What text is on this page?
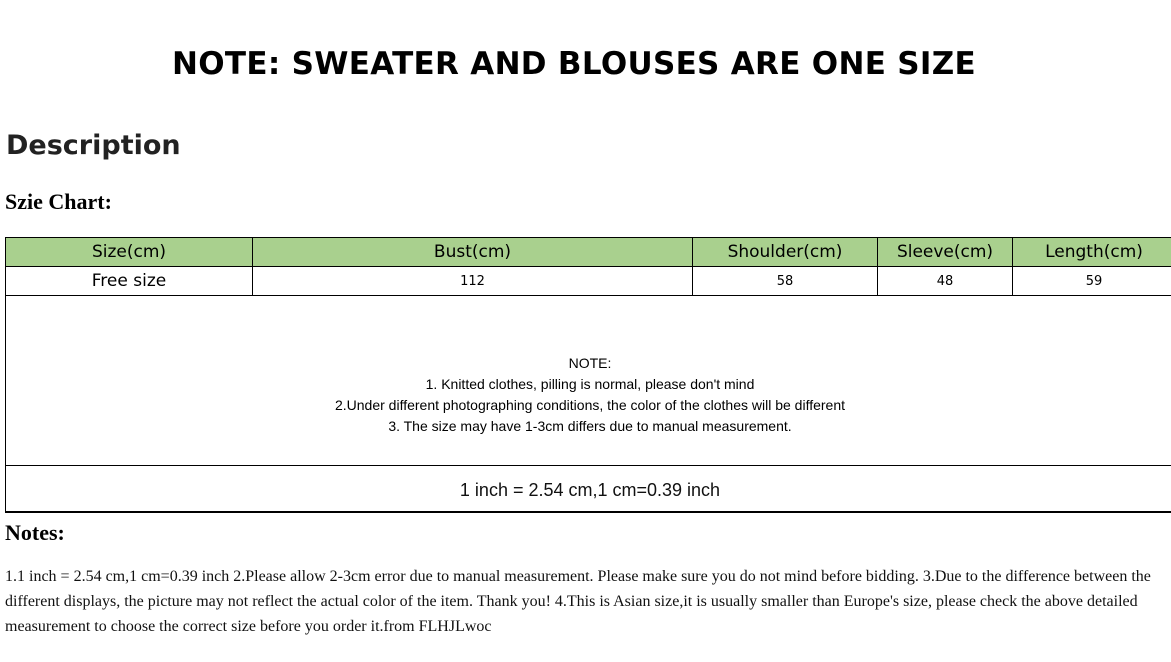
NOTE: SWEATER AND BLOUSES ARE ONE SIZE
Description
Szie Chart:
Size(cm)	Bust(cm)	Shoulder(cm)	Sleeve(cm)	Length(cm)
Free size	112	58	48	59
NOTE:
1. Knitted clothes, pilling is normal, please don't mind
2.Under different photographing conditions, the color of the clothes will be different
3. The size may have 1-3cm differs due to manual measurement.
1 inch = 2.54 cm,1 cm=0.39 inch
Notes:
1.1 inch = 2.54 cm,1 cm=0.39 inch 2.Please allow 2-3cm error due to manual measurement. Please make sure you do not mind before bidding. 3.Due to the difference between the different displays, the picture may not reflect the actual color of the item. Thank you! 4.This is Asian size,it is usually smaller than Europe's size, please check the above detailed measurement to choose the correct size before you order it.from FLHJLwoc
